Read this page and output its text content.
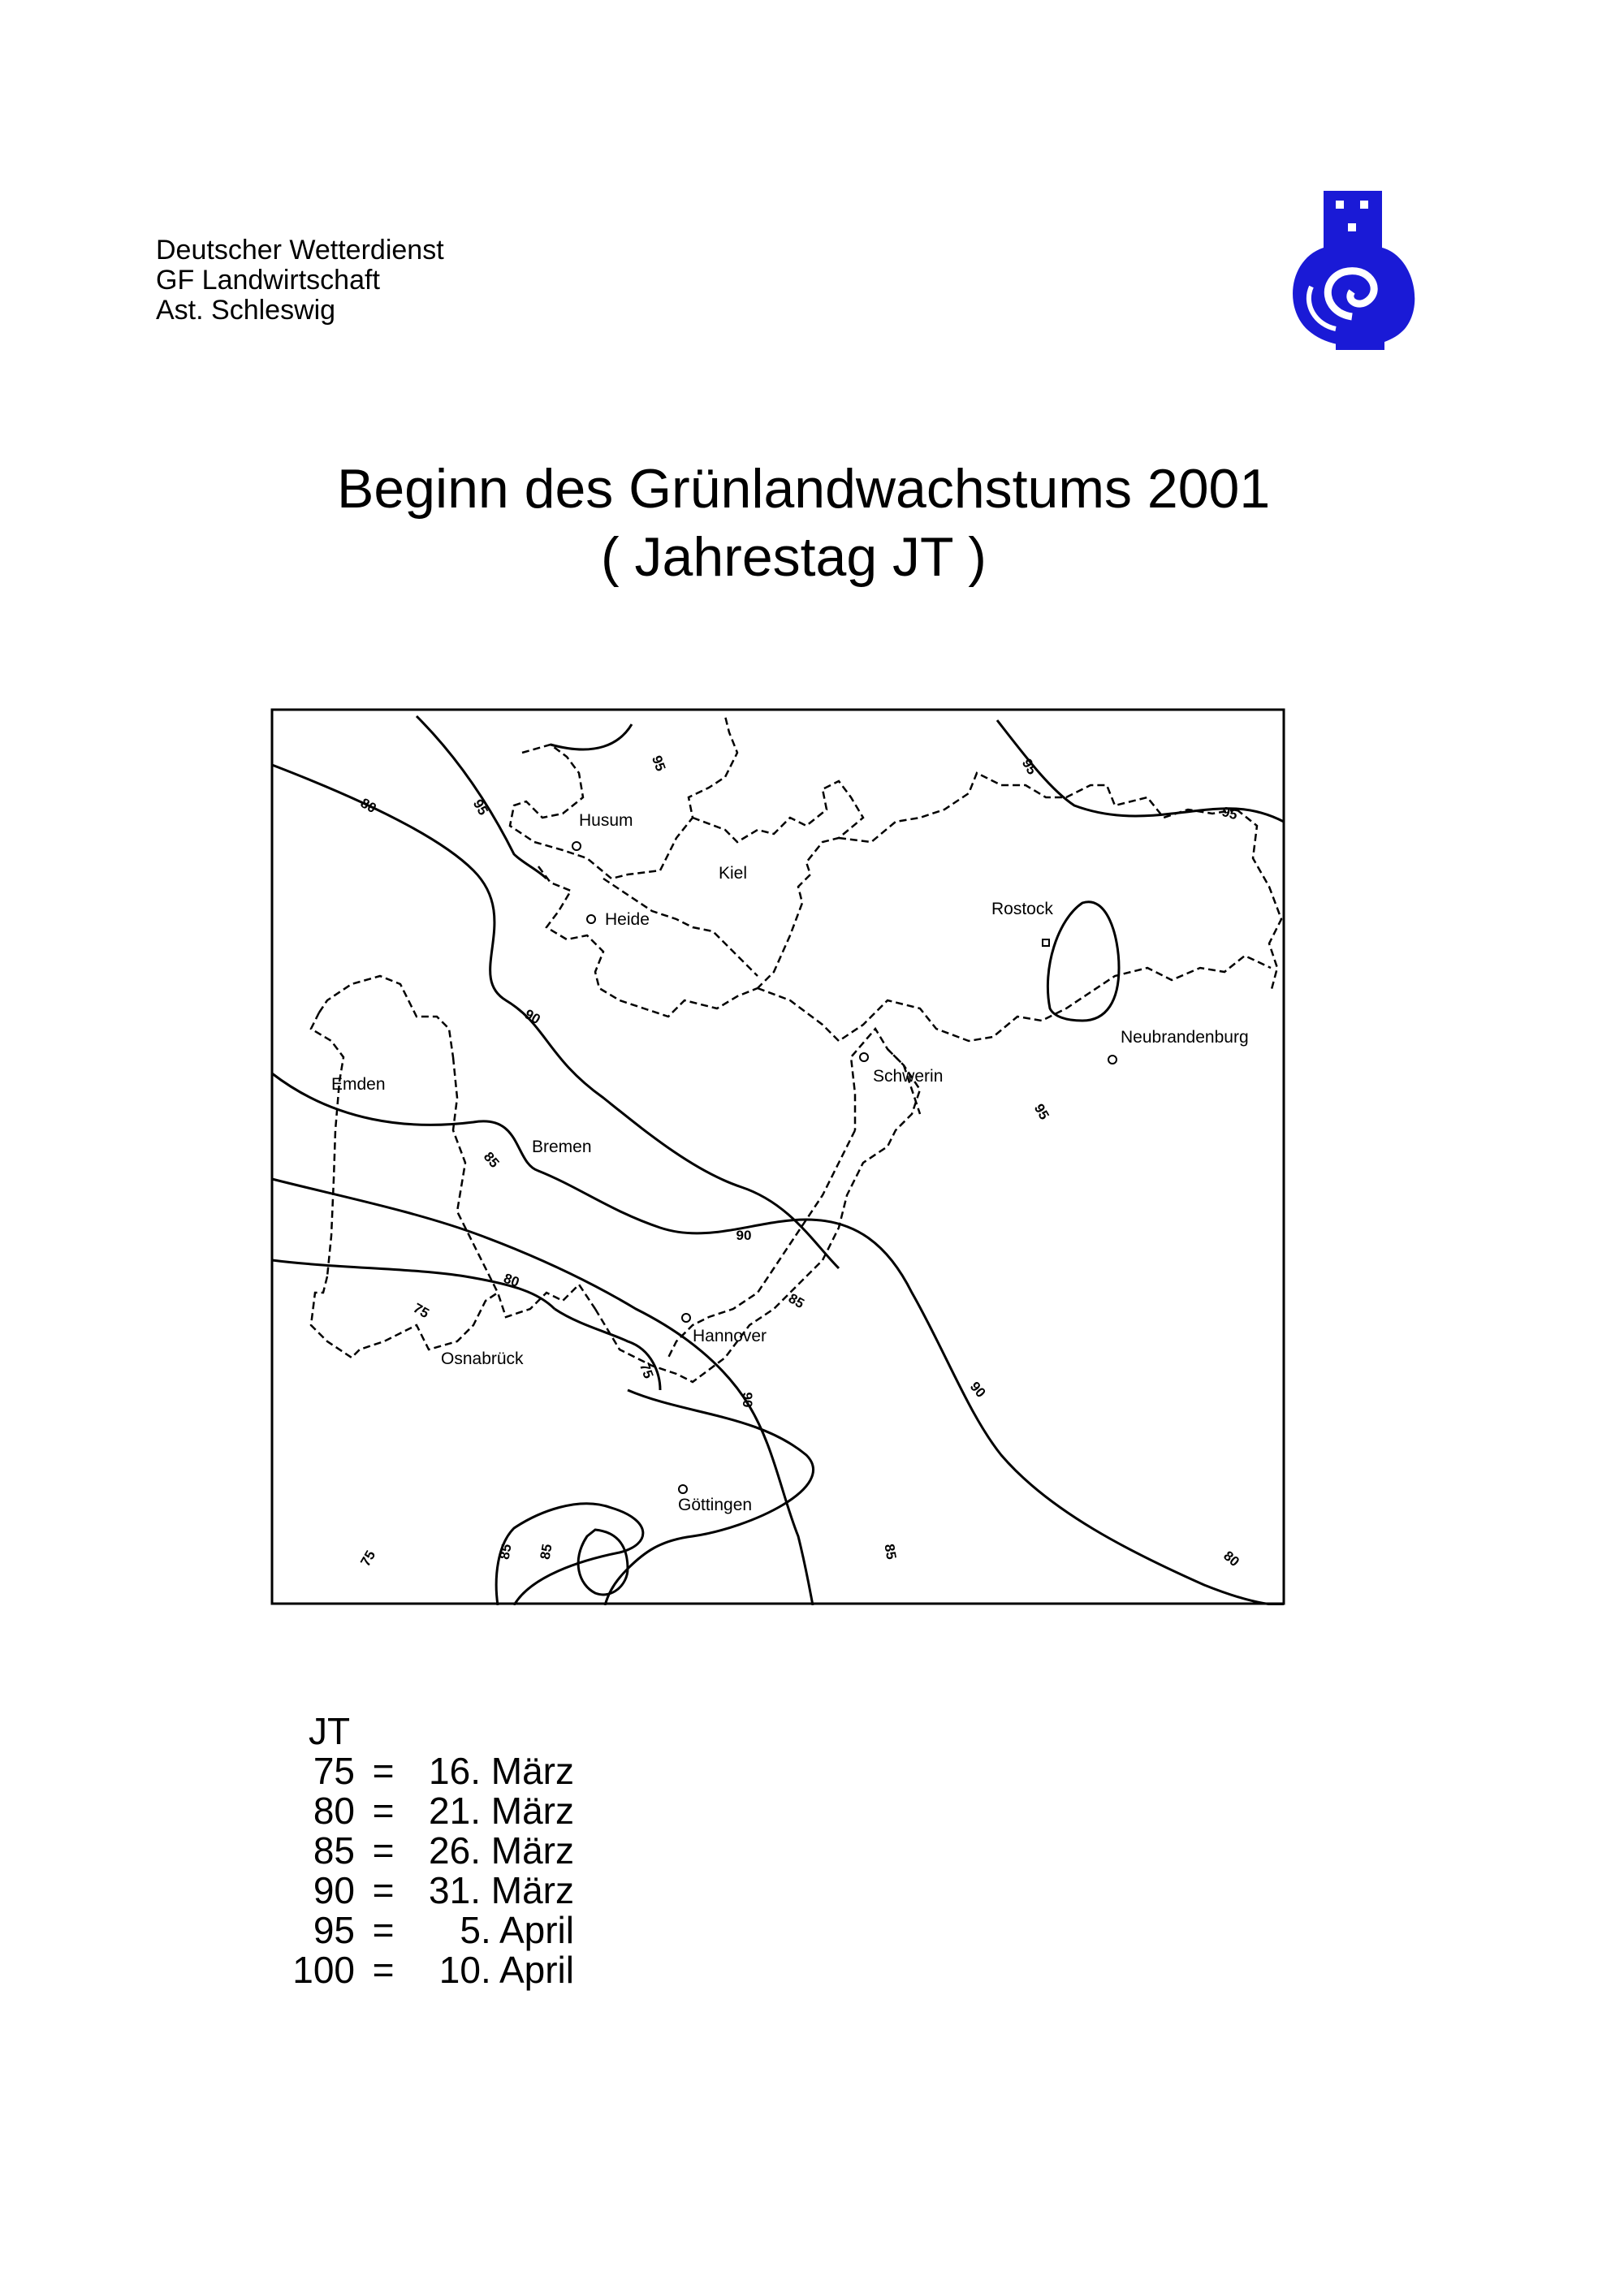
Deutscher Wetterdienst
GF Landwirtschaft
Ast. Schleswig
Beginn des Grünlandwachstums 2001
( Jahrestag JT )
80	95
95	95
95
90
85
90
95
80
85
75
75
90	90
75	85 85	85	80
Husum
Heide
Kiel
Rostock
Neubrandenburg
Schwerin
Emden
Bremen
Osnabrück
Hannover
Göttingen
JT
75 = 16. März
80 = 21. März
85 = 26. März
90 = 31. März
95 =	5. April
100 =	10. April
